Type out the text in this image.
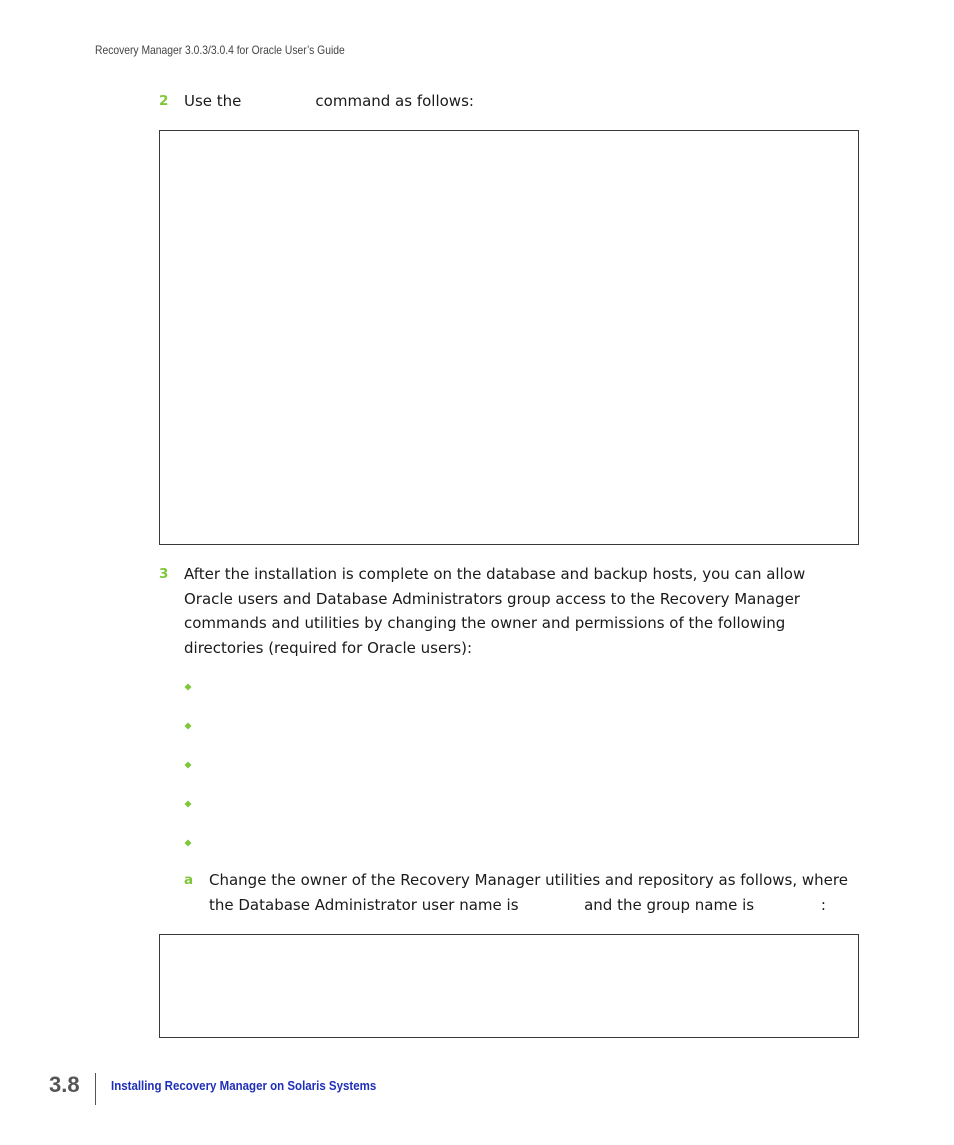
Recovery Manager 3.0.3/3.0.4 for Oracle User’s Guide
2 Use the	command as follows:
3 After the installation is complete on the database and backup hosts, you can allow Oracle users and Database Administrators group access to the Recovery Manager commands and utilities by changing the owner and permissions of the following directories (required for Oracle users):
a Change the owner of the Recovery Manager utilities and repository as follows, where the Database Administrator user name is	and the group name is	:
3.8	Installing Recovery Manager on Solaris Systems
